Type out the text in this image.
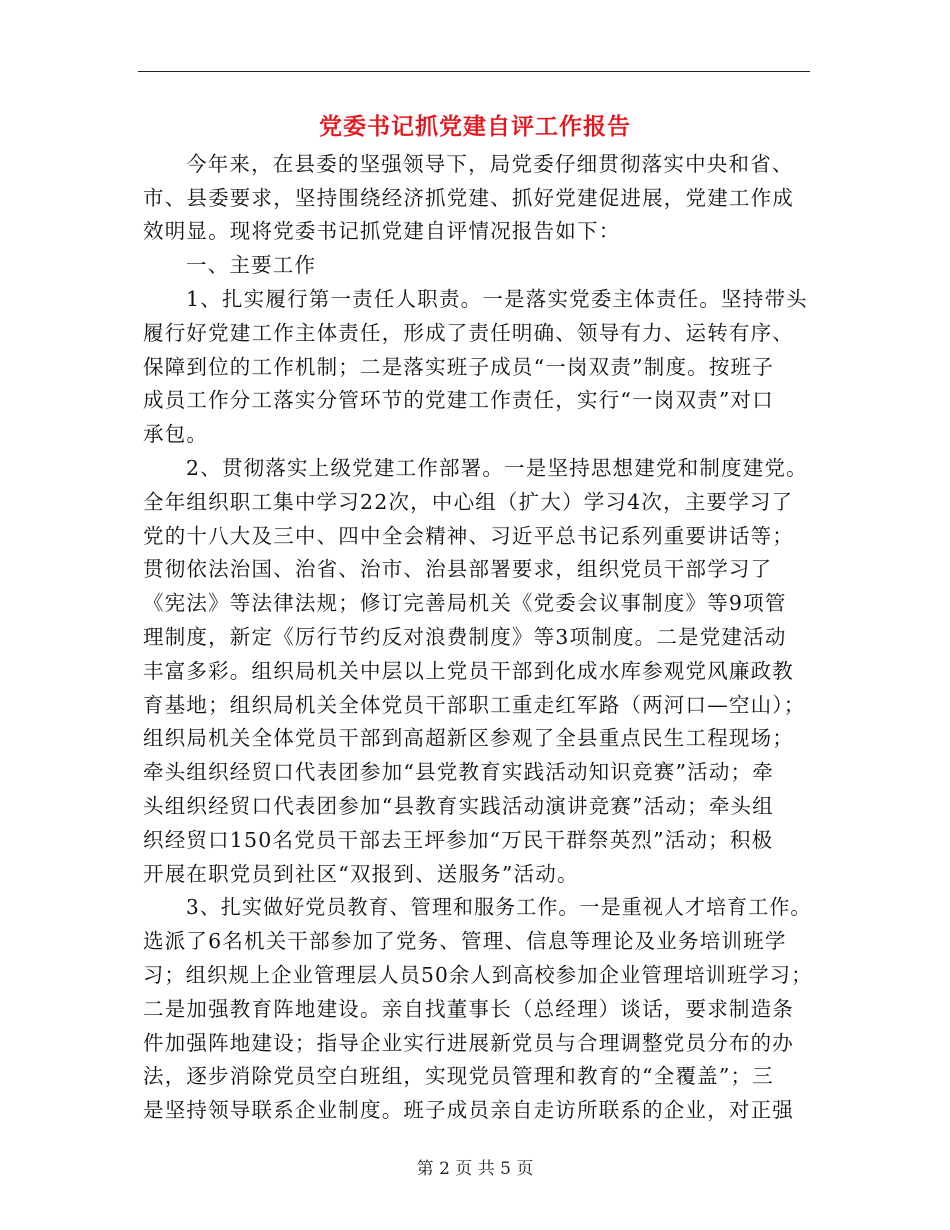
党委书记抓党建自评工作报告
今年来，在县委的坚强领导下，局党委仔细贯彻落实中央和省、
市、县委要求，坚持围绕经济抓党建、抓好党建促进展，党建工作成
效明显。现将党委书记抓党建自评情况报告如下：
一、主要工作
1、扎实履行第一责任人职责。一是落实党委主体责任。坚持带头
履行好党建工作主体责任，形成了责任明确、领导有力、运转有序、
保障到位的工作机制；二是落实班子成员“一岗双责”制度。按班子
成员工作分工落实分管环节的党建工作责任，实行“一岗双责”对口
承包。
2、贯彻落实上级党建工作部署。一是坚持思想建党和制度建党。
全年组织职工集中学习22次，中心组（扩大）学习4次，主要学习了
党的十八大及三中、四中全会精神、习近平总书记系列重要讲话等；
贯彻依法治国、治省、治市、治县部署要求，组织党员干部学习了
《宪法》等法律法规；修订完善局机关《党委会议事制度》等9项管
理制度，新定《厉行节约反对浪费制度》等3项制度。二是党建活动
丰富多彩。组织局机关中层以上党员干部到化成水库参观党风廉政教
育基地；组织局机关全体党员干部职工重走红军路（两河口—空山）；
组织局机关全体党员干部到高超新区参观了全县重点民生工程现场；
牵头组织经贸口代表团参加“县党教育实践活动知识竞赛”活动；牵
头组织经贸口代表团参加“县教育实践活动演讲竞赛”活动；牵头组
织经贸口150名党员干部去王坪参加“万民干群祭英烈”活动；积极
开展在职党员到社区“双报到、送服务”活动。
3、扎实做好党员教育、管理和服务工作。一是重视人才培育工作。
选派了6名机关干部参加了党务、管理、信息等理论及业务培训班学
习；组织规上企业管理层人员50余人到高校参加企业管理培训班学习；
二是加强教育阵地建设。亲自找董事长（总经理）谈话，要求制造条
件加强阵地建设；指导企业实行进展新党员与合理调整党员分布的办
法，逐步消除党员空白班组，实现党员管理和教育的“全覆盖”；三
是坚持领导联系企业制度。班子成员亲自走访所联系的企业，对正强
第 2 页 共 5 页
